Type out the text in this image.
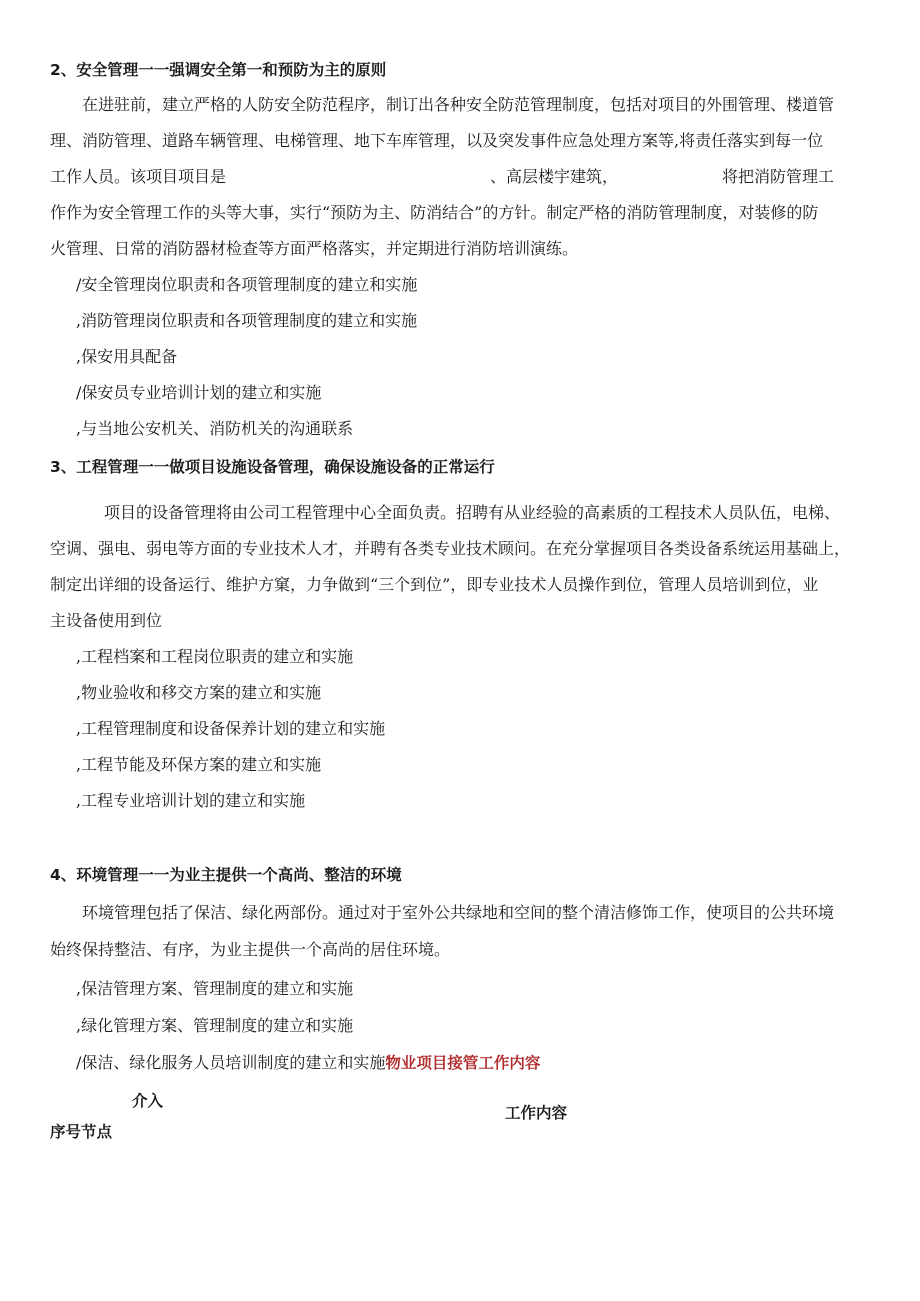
2、安全管理一一强调安全第一和预防为主的原则
在进驻前，建立严格的人防安全防范程序，制订出各种安全防范管理制度，包括对项目的外围管理、楼道管
理、消防管理、道路车辆管理、电梯管理、地下车库管理，以及突发事件应急处理方案等,将责任落实到每一位
工作人员。该项目项目是	、高层楼宇建筑，	将把消防管理工
作作为安全管理工作的头等大事，实行“预防为主、防消结合”的方针。制定严格的消防管理制度，对装修的防
火管理、日常的消防器材检查等方面严格落实，并定期进行消防培训演练。
/安全管理岗位职责和各项管理制度的建立和实施
,消防管理岗位职责和各项管理制度的建立和实施
,保安用具配备
/保安员专业培训计划的建立和实施
,与当地公安机关、消防机关的沟通联系
3、工程管理一一做项目设施设备管理，确保设施设备的正常运行
项目的设备管理将由公司工程管理中心全面负责。招聘有从业经验的高素质的工程技术人员队伍，电梯、
空调、强电、弱电等方面的专业技术人才，并聘有各类专业技术顾问。在充分掌握项目各类设备系统运用基础上，
制定出详细的设备运行、维护方窠，力争做到“三个到位”，即专业技术人员操作到位，管理人员培训到位，业
主设备使用到位
,工程档案和工程岗位职责的建立和实施
,物业验收和移交方案的建立和实施
,工程管理制度和设备保养计划的建立和实施
,工程节能及环保方案的建立和实施
,工程专业培训计划的建立和实施
4、环境管理一一为业主提供一个高尚、整洁的环境
环境管理包括了保洁、绿化两部份。通过对于室外公共绿地和空间的整个清洁修饰工作，使项目的公共环境
始终保持整洁、有序，为业主提供一个高尚的居住环境。
,保洁管理方案、管理制度的建立和实施
,绿化管理方案、管理制度的建立和实施
/保洁、绿化服务人员培训制度的建立和实施物业项目接管工作内容
介入
工作内容
序号节点
